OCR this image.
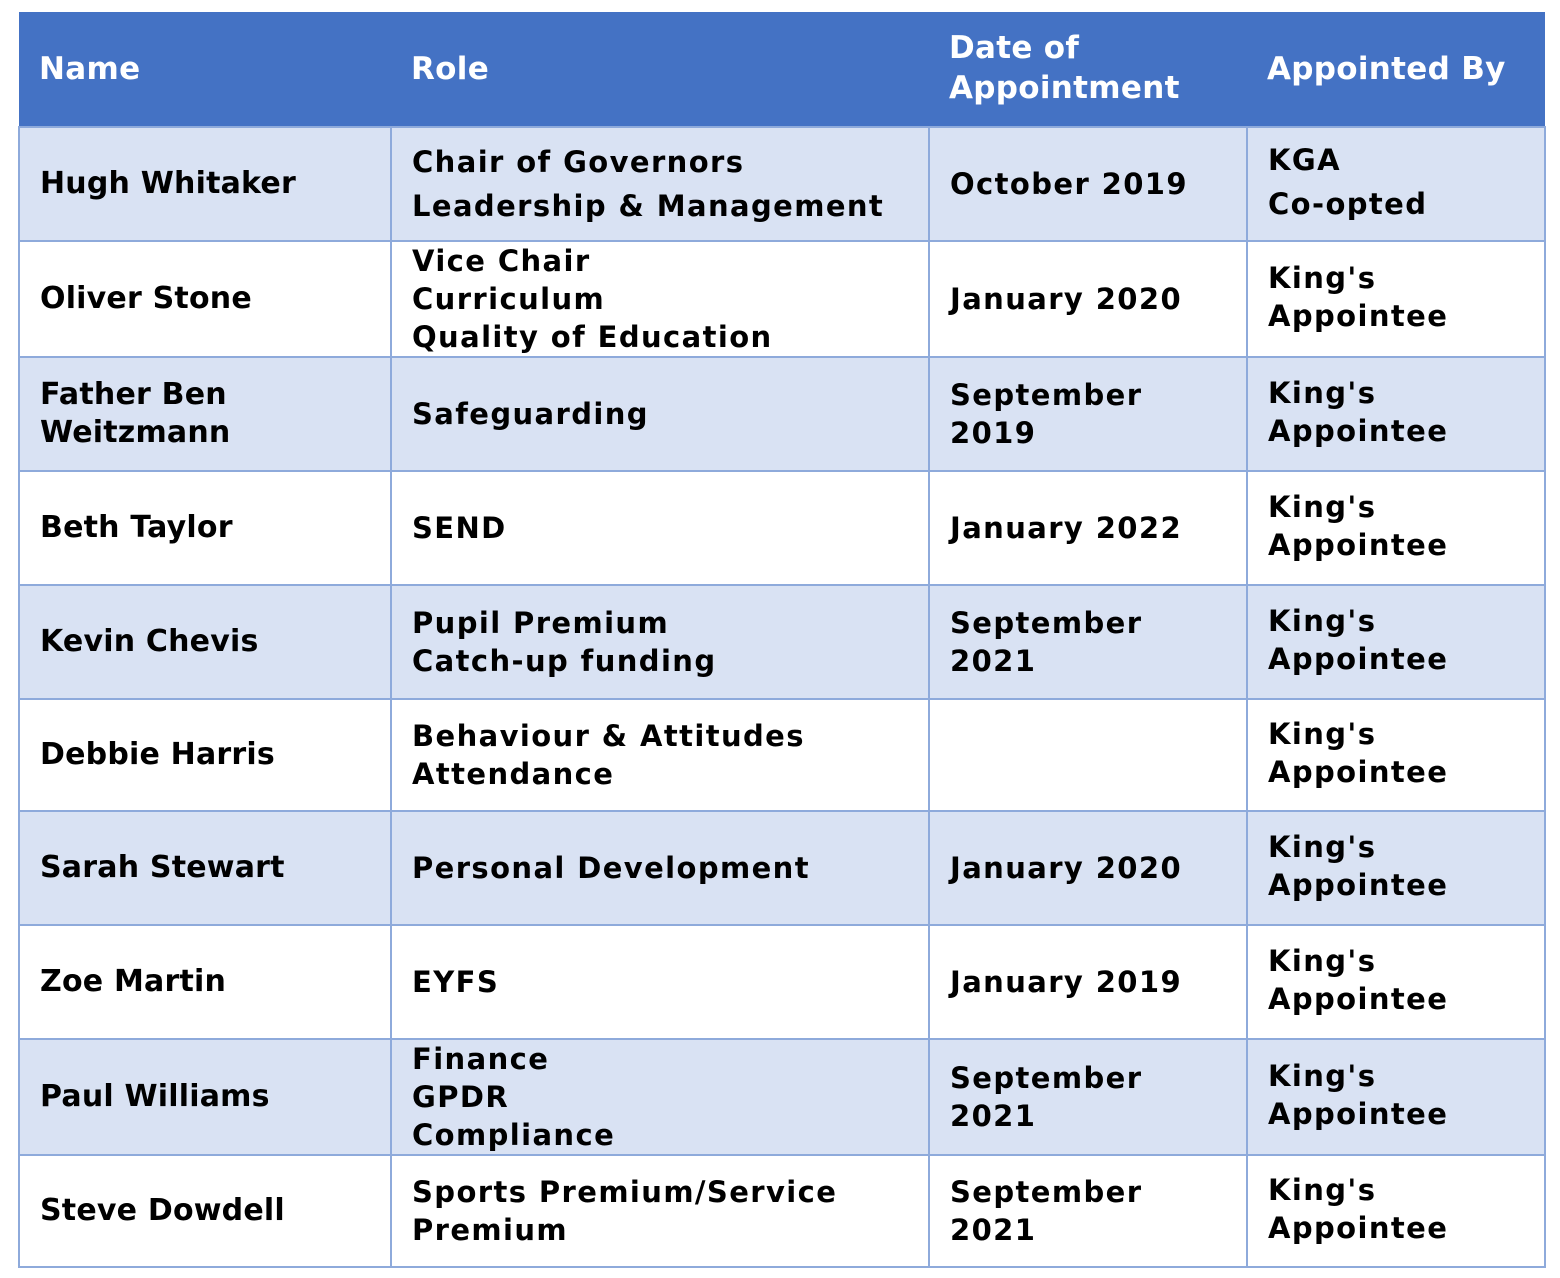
Name	Role	Date of
Appointment	Appointed By

Hugh Whitaker	Chair of Governors
Leadership & Management	October 2019	KGA
Co-opted

Oliver Stone	Vice Chair
Curriculum
Quality of Education	January 2020	King's
Appointee

Father Ben
Weitzmann	Safeguarding	September 2019	King's
Appointee

Beth Taylor	SEND	January 2022	King's
Appointee

Kevin Chevis	Pupil Premium
Catch-up funding	September 2021	King's
Appointee

Debbie Harris	Behaviour & Attitudes
Attendance		King's
Appointee

Sarah Stewart	Personal Development	January 2020	King's
Appointee

Zoe Martin	EYFS	January 2019	King's
Appointee

Paul Williams	Finance
GPDR
Compliance	September 2021	King's
Appointee

Steve Dowdell	Sports Premium/Service
Premium	September 2021	King's
Appointee
